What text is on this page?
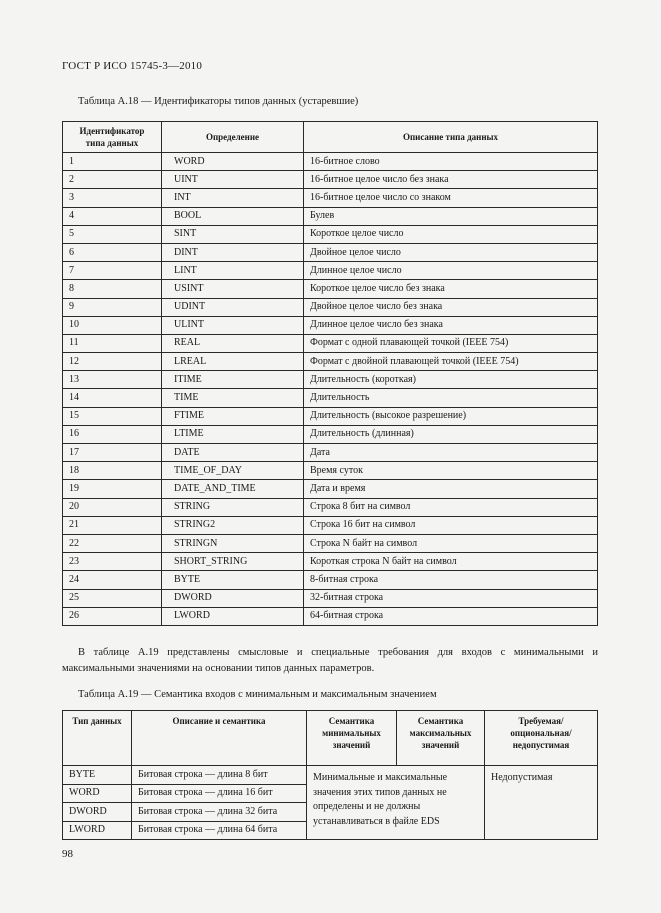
ГОСТ Р ИСО 15745-3—2010
Таблица А.18 — Идентификаторы типов данных (устаревшие)
Идентификатор типа данных	Определение	Описание типа данных
1	WORD	16-битное слово
2	UINT	16-битное целое число без знака
3	INT	16-битное целое число со знаком
4	BOOL	Булев
5	SINT	Короткое целое число
6	DINT	Двойное целое число
7	LINT	Длинное целое число
8	USINT	Короткое целое число без знака
9	UDINT	Двойное целое число без знака
10	ULINT	Длинное целое число без знака
11	REAL	Формат с одной плавающей точкой (IEEE 754)
12	LREAL	Формат с двойной плавающей точкой (IEEE 754)
13	ITIME	Длительность (короткая)
14	TIME	Длительность
15	FTIME	Длительность (высокое разрешение)
16	LTIME	Длительность (длинная)
17	DATE	Дата
18	TIME_OF_DAY	Время суток
19	DATE_AND_TIME	Дата и время
20	STRING	Строка 8 бит на символ
21	STRING2	Строка 16 бит на символ
22	STRINGN	Строка N байт на символ
23	SHORT_STRING	Короткая строка N байт на символ
24	BYTE	8-битная строка
25	DWORD	32-битная строка
26	LWORD	64-битная строка
В таблице А.19 представлены смысловые и специальные требования для входов с минимальными и максимальными значениями на основании типов данных параметров.
Таблица А.19 — Семантика входов с минимальным и максимальным значением
Тип данных	Описание и семантика	Семантика минимальных значений	Семантика максимальных значений	Требуемая/ опциональная/ недопустимая
BYTE	Битовая строка — длина 8 бит	Минимальные и максимальные значения этих типов данных не определены и не должны устанавливаться в файле EDS		Недопустимая
WORD	Битовая строка — длина 16 бит			
DWORD	Битовая строка — длина 32 бита			
LWORD	Битовая строка — длина 64 бита			
98
